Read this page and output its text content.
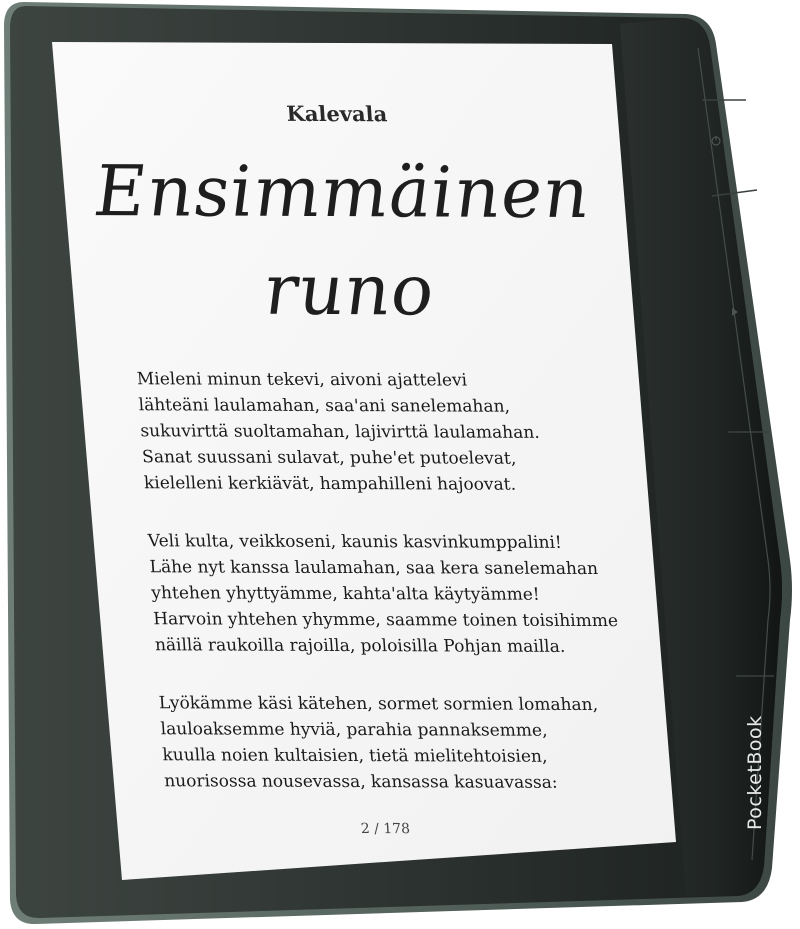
Kalevala
Ensimmäinen
runo
Mieleni minun tekevi, aivoni ajattelevi
lähteäni laulamahan, saa'ani sanelemahan,
sukuvirttä suoltamahan, lajivirttä laulamahan.
Sanat suussani sulavat, puhe'et putoelevat,
kielelleni kerkiävät, hampahilleni hajoovat.
Veli kulta, veikkoseni, kaunis kasvinkumppalini!
Lähe nyt kanssa laulamahan, saa kera sanelemahan
yhtehen yhyttyämme, kahta'alta käytyämme!
Harvoin yhtehen yhymme, saamme toinen toisihimme
näillä raukoilla rajoilla, poloisilla Pohjan mailla.
Lyökämme käsi kätehen, sormet sormien lomahan,
lauloaksemme hyviä, parahia pannaksemme,
kuulla noien kultaisien, tietä mielitehtoisien,
nuorisossa nousevassa, kansassa kasuavassa:
2 / 178	PocketBook
